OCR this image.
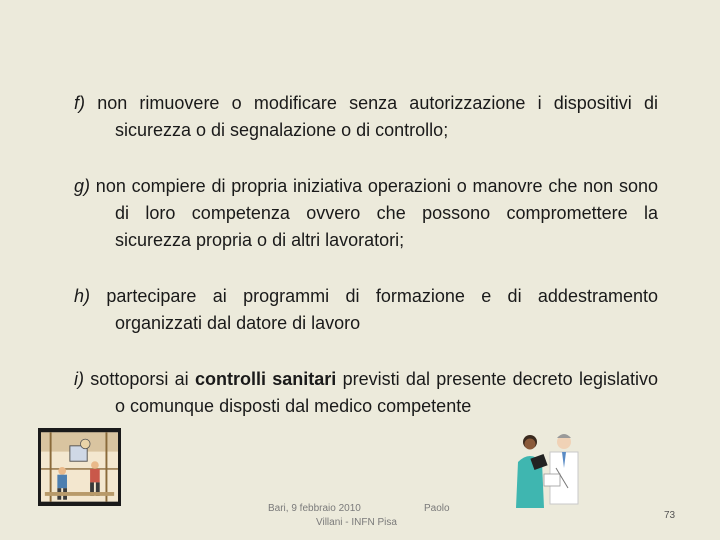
f) non rimuovere o modificare senza autorizzazione i dispositivi di sicurezza o di segnalazione o di controllo;

g) non compiere di propria iniziativa operazioni o manovre che non sono di loro competenza ovvero che possono compromettere la sicurezza propria o di altri lavoratori;

h) partecipare ai programmi di formazione e di addestramento organizzati dal datore di lavoro

i) sottoporsi ai controlli sanitari previsti dal presente decreto legislativo o comunque disposti dal medico competente

Bari, 9 febbraio 2010	Paolo
Villani - INFN Pisa
73
